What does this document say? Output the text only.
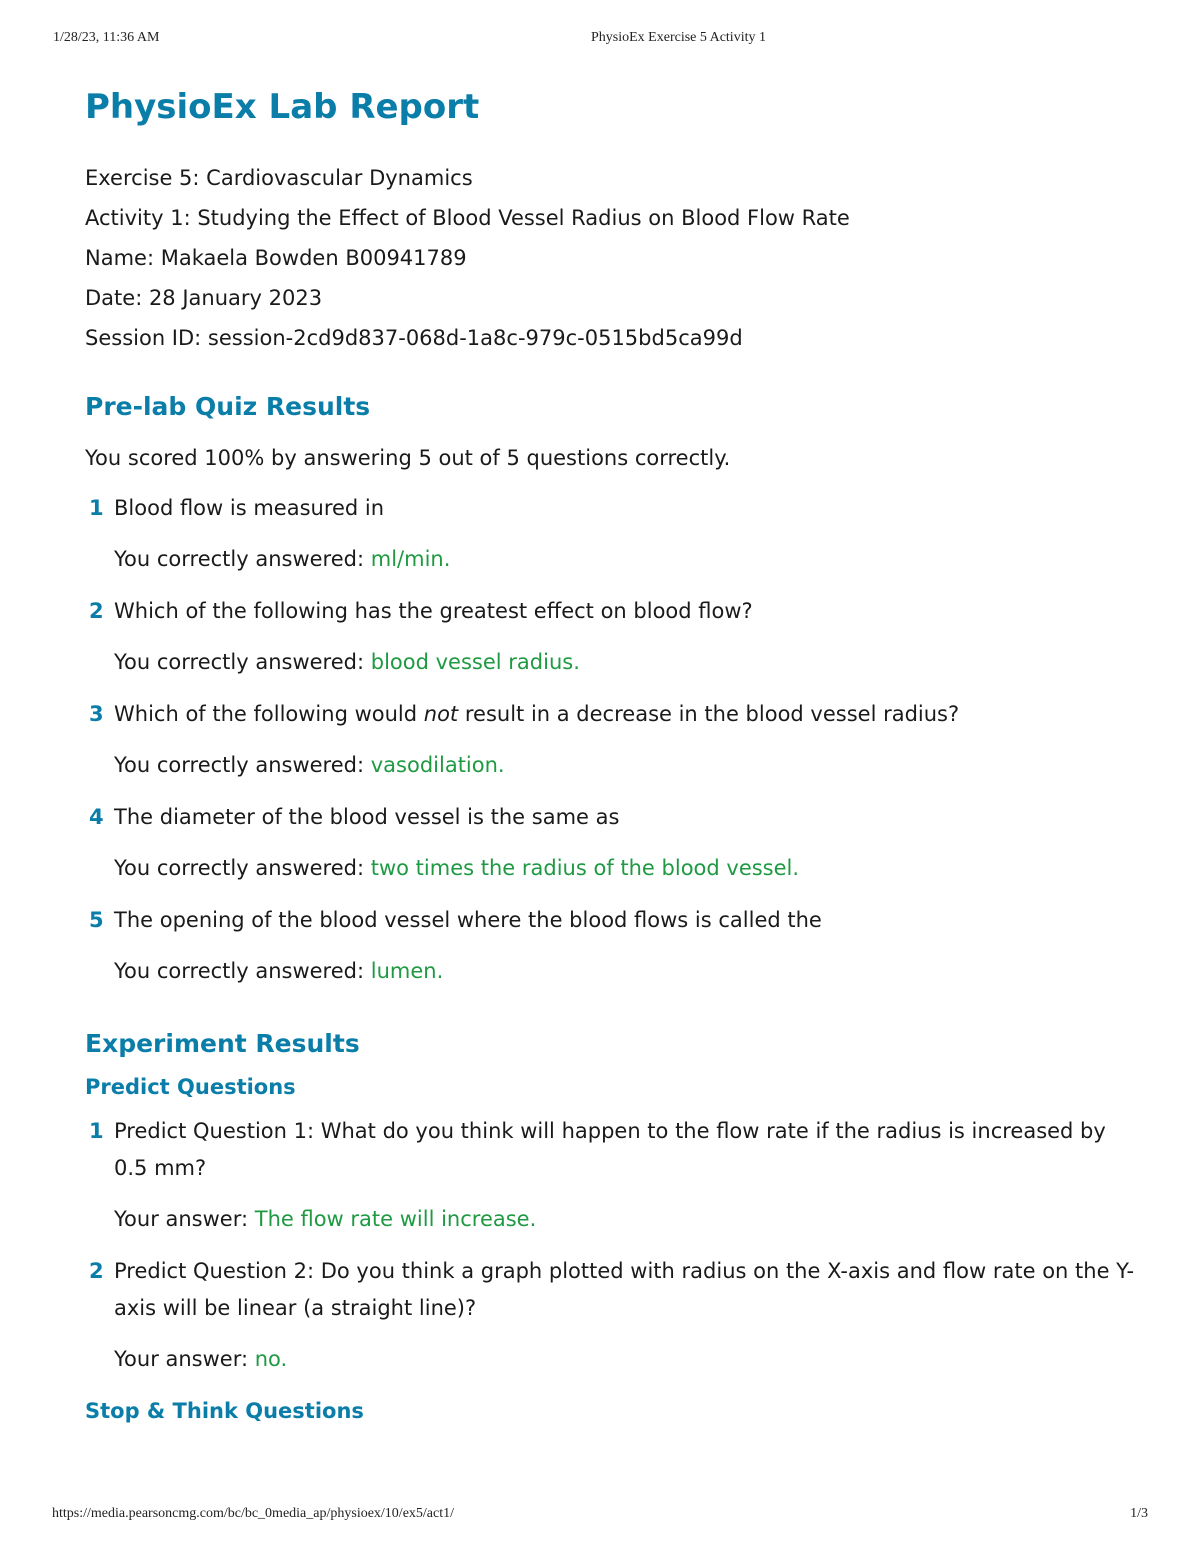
1/28/23, 11:36 AM	PhysioEx Exercise 5 Activity 1
PhysioEx Lab Report
Exercise 5: Cardiovascular Dynamics
Activity 1: Studying the Effect of Blood Vessel Radius on Blood Flow Rate
Name: Makaela Bowden B00941789
Date: 28 January 2023
Session ID: session-2cd9d837-068d-1a8c-979c-0515bd5ca99d
Pre-lab Quiz Results
You scored 100% by answering 5 out of 5 questions correctly.
1 Blood flow is measured in
You correctly answered: ml/min.
2 Which of the following has the greatest effect on blood flow?
You correctly answered: blood vessel radius.
3 Which of the following would not result in a decrease in the blood vessel radius?
You correctly answered: vasodilation.
4 The diameter of the blood vessel is the same as
You correctly answered: two times the radius of the blood vessel.
5 The opening of the blood vessel where the blood flows is called the
You correctly answered: lumen.
Experiment Results
Predict Questions
1 Predict Question 1: What do you think will happen to the flow rate if the radius is increased by 0.5 mm?
Your answer: The flow rate will increase.
2 Predict Question 2: Do you think a graph plotted with radius on the X-axis and flow rate on the Y-axis will be linear (a straight line)?
Your answer: no.
Stop & Think Questions
https://media.pearsoncmg.com/bc/bc_0media_ap/physioex/10/ex5/act1/	1/3
